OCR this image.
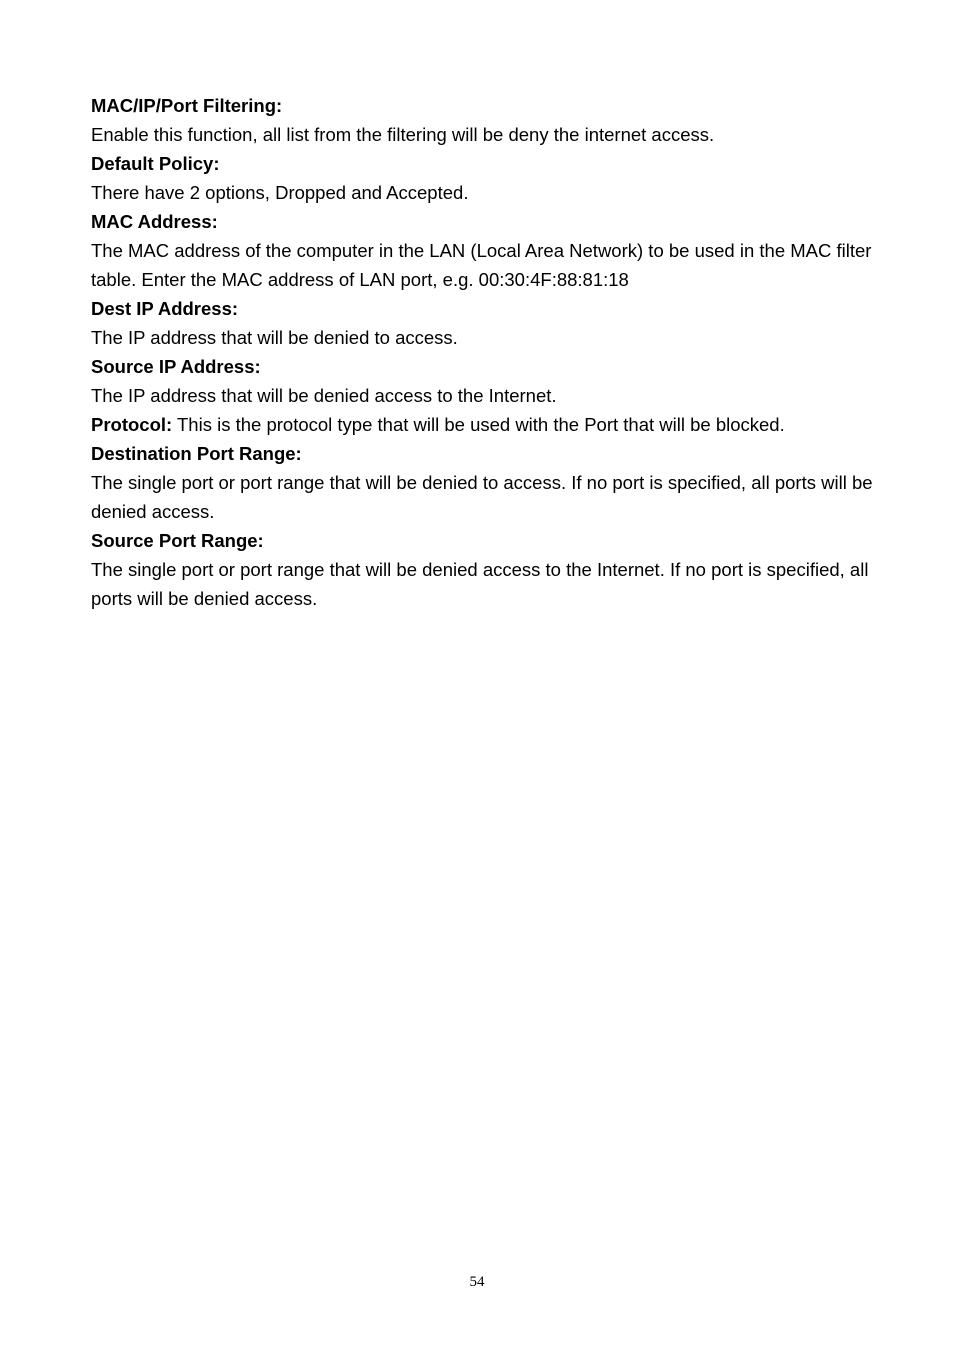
MAC/IP/Port Filtering:
Enable this function, all list from the filtering will be deny the internet access.
Default Policy:
There have 2 options, Dropped and Accepted.
MAC Address:
The MAC address of the computer in the LAN (Local Area Network) to be used in the MAC filter table. Enter the MAC address of LAN port, e.g. 00:30:4F:88:81:18
Dest IP Address:
The IP address that will be denied to access.
Source IP Address:
The IP address that will be denied access to the Internet.
Protocol: This is the protocol type that will be used with the Port that will be blocked.
Destination Port Range:
The single port or port range that will be denied to access. If no port is specified, all ports will be denied access.
Source Port Range:
The single port or port range that will be denied access to the Internet. If no port is specified, all ports will be denied access.
54
